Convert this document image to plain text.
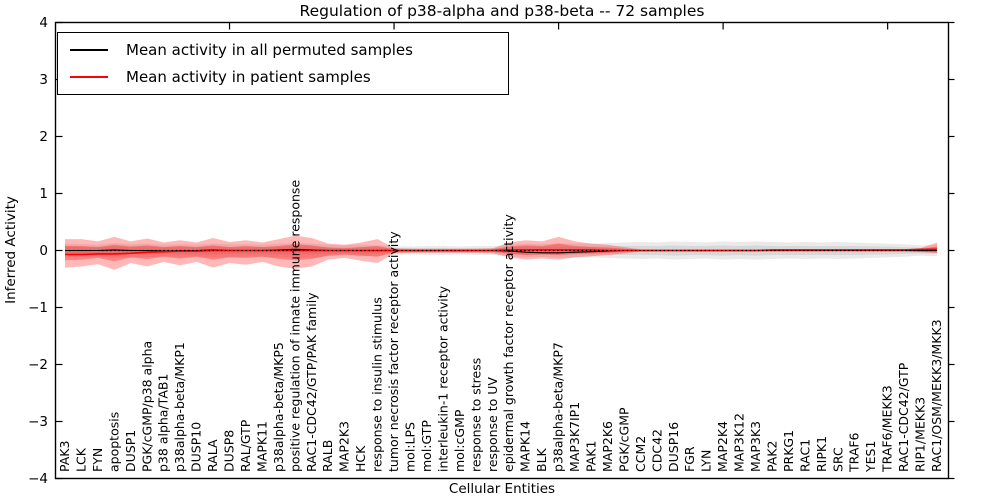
Regulation of p38-alpha and p38-beta -- 72 samples
−4
−3
−2
−1
0
1
2
3
4
PAK3 LCK FYN apoptosis DUSP1 PGK/cGMP/p38 alpha p38 alpha/TAB1 p38alpha-beta/MKP1 DUSP10 RALA DUSP8 RAL/GTP MAPK11 p38alpha-beta/MKP5 positive regulation of innate immune response RAC1-CDC42/GTP/PAK family RALB MAP2K3 HCK response to insulin stimulus tumor necrosis factor receptor activity mol:LPS mol:GTP interleukin-1 receptor activity mol:cGMP response to stress response to UV epidermal growth factor receptor activity MAPK14 BLK p38alpha-beta/MKP7 MAP3K7IP1 PAK1 MAP2K6 PGK/cGMP CCM2 CDC42 DUSP16 FGR LYN MAP2K4 MAP3K12 MAP3K3 PAK2 PRKG1 RAC1 RIPK1 SRC TRAF6 YES1 TRAF6/MEKK3 RAC1-CDC42/GTP RIP1/MEKK3 RAC1/OSM/MEKK3/MKK3
Mean activity in all permuted samples
Mean activity in patient samples
Inferred Activity
Cellular Entities
